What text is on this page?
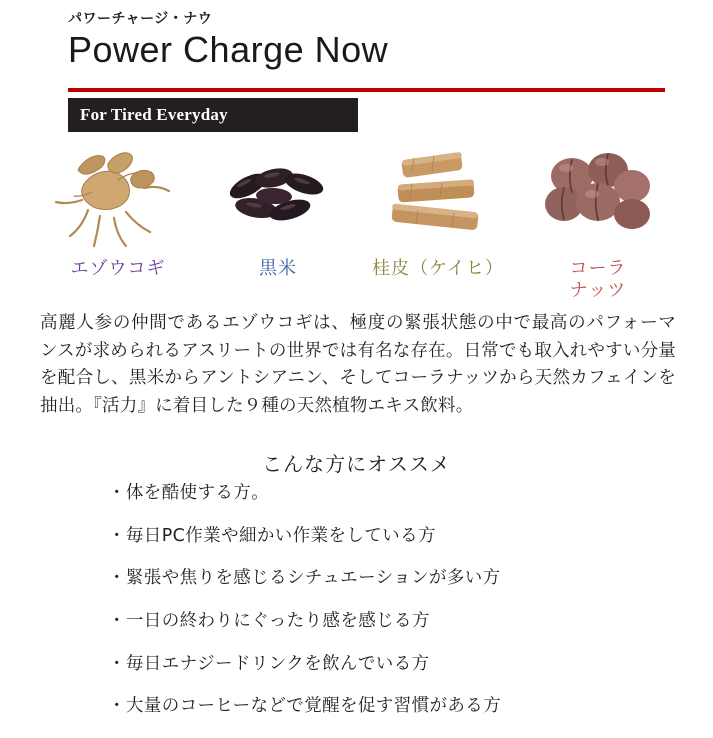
パワーチャージ・ナウ
Power Charge Now
For Tired Everyday
エゾウコギ	黒米	桂皮（ケイヒ）	コーラ
ナッツ
高麗人参の仲間であるエゾウコギは、極度の緊張状態の中で最高のパフォーマンスが求められるアスリートの世界では有名な存在。日常でも取入れやすい分量を配合し、黒米からアントシアニン、そしてコーラナッツから天然カフェインを抽出。『活力』に着目した９種の天然植物エキス飲料。
こんな方にオススメ
・体を酷使する方。
・毎日PC作業や細かい作業をしている方
・緊張や焦りを感じるシチュエーションが多い方
・一日の終わりにぐったり感を感じる方
・毎日エナジードリンクを飲んでいる方
・大量のコーヒーなどで覚醒を促す習慣がある方
